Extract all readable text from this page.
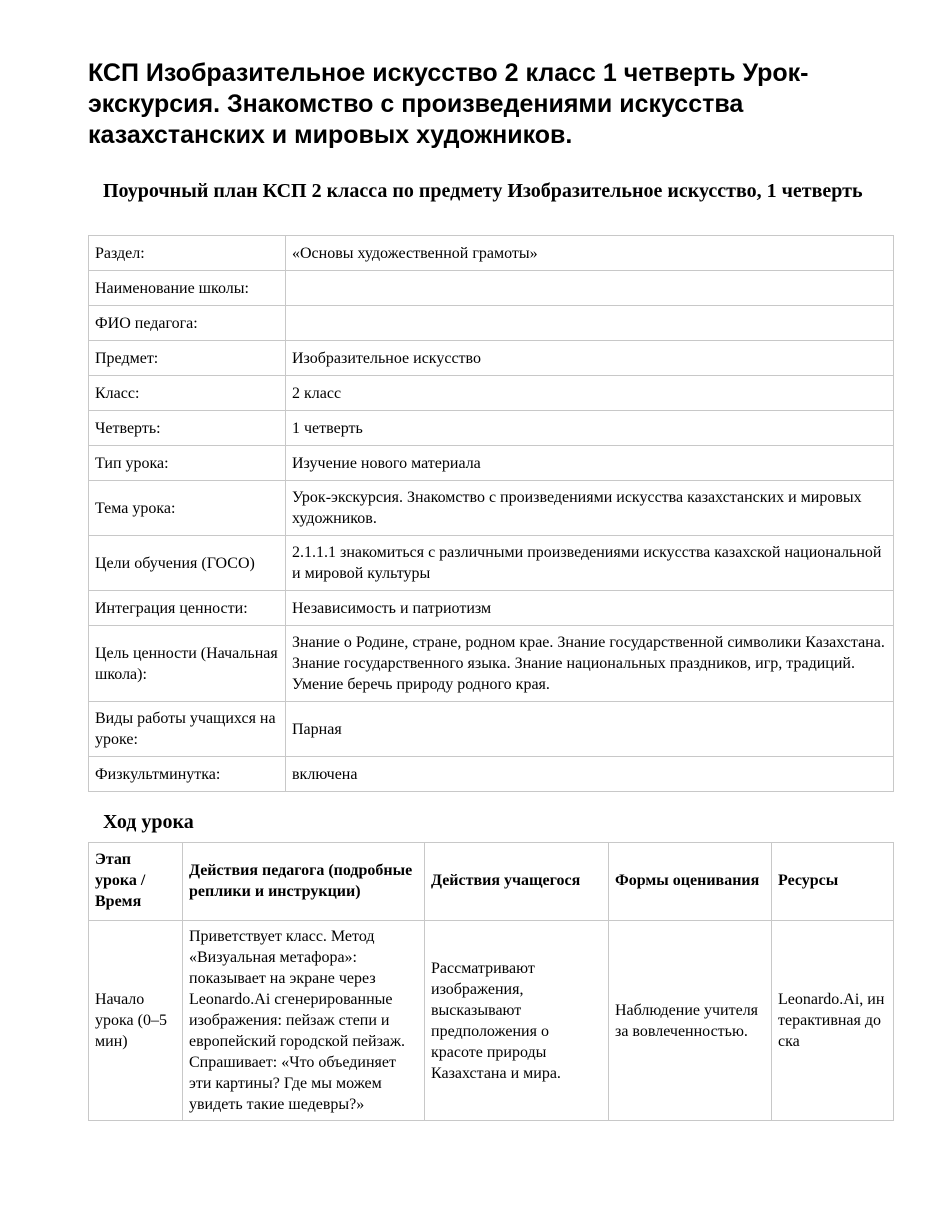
КСП Изобразительное искусство 2 класс 1 четверть Урок-экскурсия. Знакомство с произведениями искусства казахстанских и мировых художников.
Поурочный план КСП 2 класса по предмету Изобразительное искусство, 1 четверть
Раздел:	«Основы художественной грамоты»
Наименование школы:	
ФИО педагога:	
Предмет:	Изобразительное искусство
Класс:	2 класс
Четверть:	1 четверть
Тип урока:	Изучение нового материала
Тема урока:	Урок-экскурсия. Знакомство с произведениями искусства казахстанских и мировых художников.
Цели обучения (ГОСО)	2.1.1.1 знакомиться с различными произведениями искусства казахской национальной и мировой культуры
Интеграция ценности:	Независимость и патриотизм
Цель ценности (Начальная школа):	Знание о Родине, стране, родном крае. Знание государственной символики Казахстана. Знание государственного языка. Знание национальных праздников, игр, традиций. Умение беречь природу родного края.
Виды работы учащихся на уроке:	Парная
Физкультминутка:	включена
Ход урока
Этап урока / Время	Действия педагога (подробные реплики и инструкции)	Действия учащегося	Формы оценивания	Ресурсы
Начало урока (0–5 мин)	Приветствует класс. Метод «Визуальная метафора»: показывает на экране через Leonardo.Ai сгенерированные изображения: пейзаж степи и европейский городской пейзаж. Спрашивает: «Что объединяет эти картины? Где мы можем увидеть такие шедевры?»	Рассматривают изображения, высказывают предположения о красоте природы Казахстана и мира.	Наблюдение учителя за вовлеченностью.	Leonardo.Ai, интерактивная доска
